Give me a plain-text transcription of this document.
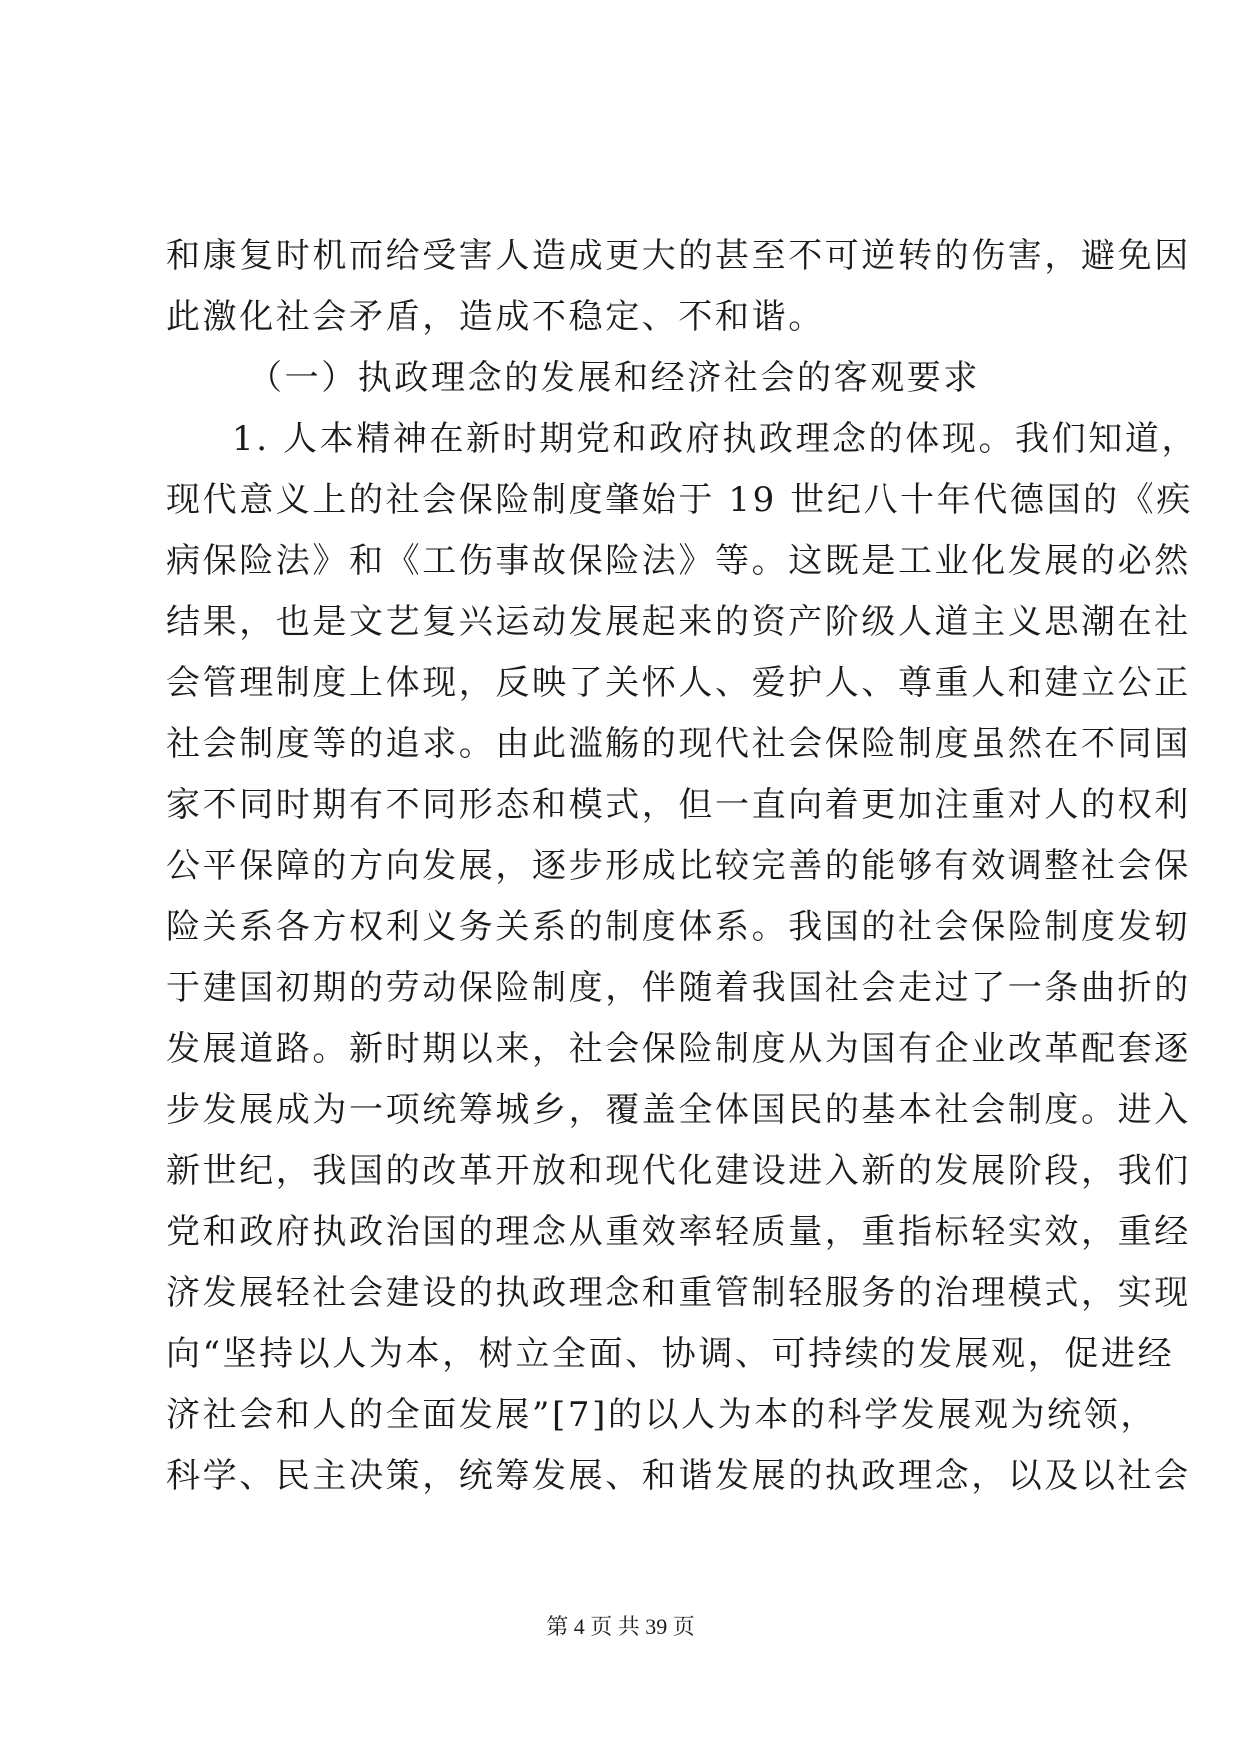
和康复时机而给受害人造成更大的甚至不可逆转的伤害，避免因
此激化社会矛盾，造成不稳定、不和谐。
（一）执政理念的发展和经济社会的客观要求
1. 人本精神在新时期党和政府执政理念的体现。我们知道，
现代意义上的社会保险制度肇始于 19 世纪八十年代德国的《疾
病保险法》和《工伤事故保险法》等。这既是工业化发展的必然
结果，也是文艺复兴运动发展起来的资产阶级人道主义思潮在社
会管理制度上体现，反映了关怀人、爱护人、尊重人和建立公正
社会制度等的追求。由此滥觞的现代社会保险制度虽然在不同国
家不同时期有不同形态和模式，但一直向着更加注重对人的权利
公平保障的方向发展，逐步形成比较完善的能够有效调整社会保
险关系各方权利义务关系的制度体系。我国的社会保险制度发轫
于建国初期的劳动保险制度，伴随着我国社会走过了一条曲折的
发展道路。新时期以来，社会保险制度从为国有企业改革配套逐
步发展成为一项统筹城乡，覆盖全体国民的基本社会制度。进入
新世纪，我国的改革开放和现代化建设进入新的发展阶段，我们
党和政府执政治国的理念从重效率轻质量，重指标轻实效，重经
济发展轻社会建设的执政理念和重管制轻服务的治理模式，实现
向“坚持以人为本，树立全面、协调、可持续的发展观，促进经
济社会和人的全面发展”[7]的以人为本的科学发展观为统领，
科学、民主决策，统筹发展、和谐发展的执政理念，以及以社会
第 4 页 共 39 页
